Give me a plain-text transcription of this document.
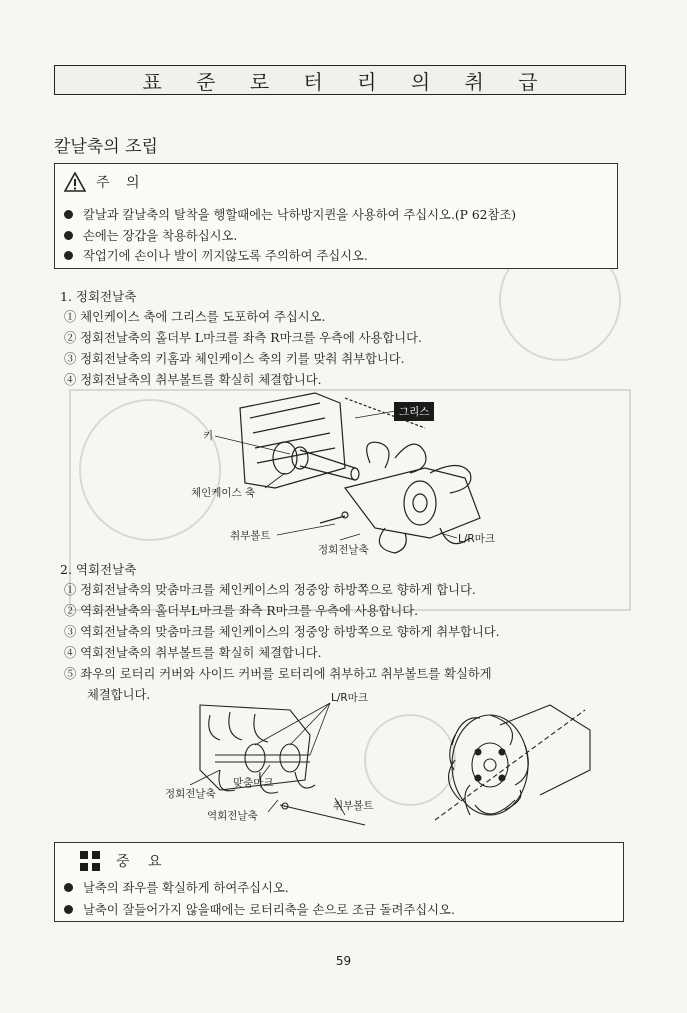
표 준 로 터 리 의 취 급
칼날축의 조립
주 의
칼날과 칼날축의 탈착을 행할때에는 낙하방지퀸을 사용하여 주십시오.(P 62참조)
손에는 장갑을 착용하십시오.
작업기에 손이나 발이 끼지않도록 주의하여 주십시오.
1. 정회전날축
① 체인케이스 축에 그리스를 도포하여 주십시오.
② 정회전날축의 홀더부 L마크를 좌측 R마크를 우측에 사용합니다.
③ 정회전날축의 키홈과 체인케이스 축의 키를 맞춰 취부합니다.
④ 정회전날축의 취부볼트를 확실히 체결합니다.
키
그리스
체인케이스 축
취부볼트	L/R마크
정회전날축
2. 역회전날축
① 정회전날축의 맞춤마크를 체인케이스의 정중앙 하방쪽으로 향하게 합니다.
② 역회전날축의 홀더부L마크를 좌측 R마크를 우측에 사용합니다.
③ 역회전날축의 맞춤마크를 체인케이스의 정중앙 하방쪽으로 향하게 취부합니다.
④ 역회전날축의 취부볼트를 확실히 체결합니다.
⑤ 좌우의 로터리 커버와 사이드 커버를 로터리에 취부하고 취부볼트를 확실하게
체결합니다.	L/R마크
맞춤마크
정회전날축
취부볼트
역회전날축
중 요
날축의 좌우를 확실하게 하여주십시오.
날축이 잘들어가지 않을때에는 로터리축을 손으로 조금 돌려주십시오.
59
